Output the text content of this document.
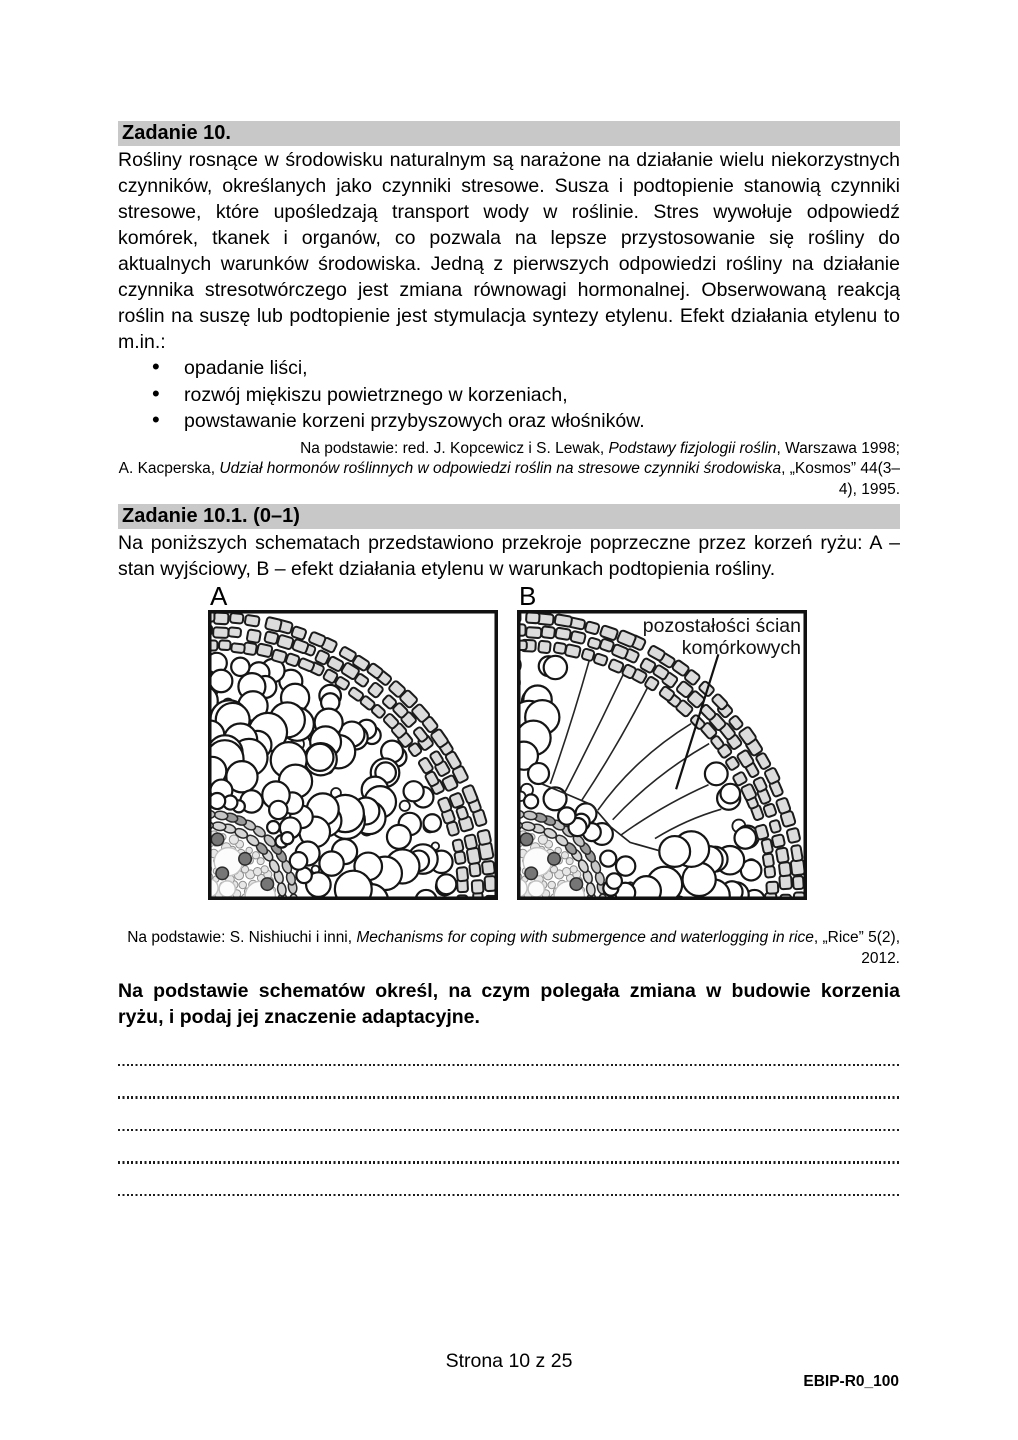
Zadanie 10.
Rośliny rosnące w środowisku naturalnym są narażone na działanie wielu niekorzystnych czynników, określanych jako czynniki stresowe. Susza i podtopienie stanowią czynniki stresowe, które upośledzają transport wody w roślinie. Stres wywołuje odpowiedź komórek, tkanek i organów, co pozwala na lepsze przystosowanie się rośliny do aktualnych warunków środowiska. Jedną z pierwszych odpowiedzi rośliny na działanie czynnika stresotwórczego jest zmiana równowagi hormonalnej. Obserwowaną reakcją roślin na suszę lub podtopienie jest stymulacja syntezy etylenu. Efekt działania etylenu to m.in.:
• opadanie liści,
• rozwój miękiszu powietrznego w korzeniach,
• powstawanie korzeni przybyszowych oraz włośników.
Na podstawie: red. J. Kopcewicz i S. Lewak, Podstawy fizjologii roślin, Warszawa 1998;
A. Kacperska, Udział hormonów roślinnych w odpowiedzi roślin na stresowe czynniki środowiska, „Kosmos” 44(3–4), 1995.
Zadanie 10.1. (0–1)
Na poniższych schematach przedstawiono przekroje poprzeczne przez korzeń ryżu: A – stan wyjściowy, B – efekt działania etylenu w warunkach podtopienia rośliny.
A	B
pozostałości ścian
komórkowych
Na podstawie: S. Nishiuchi i inni, Mechanisms for coping with submergence and waterlogging in rice, „Rice” 5(2), 2012.
Na podstawie schematów określ, na czym polegała zmiana w budowie korzenia ryżu, i podaj jej znaczenie adaptacyjne.
Strona 10 z 25
EBIP-R0_100
